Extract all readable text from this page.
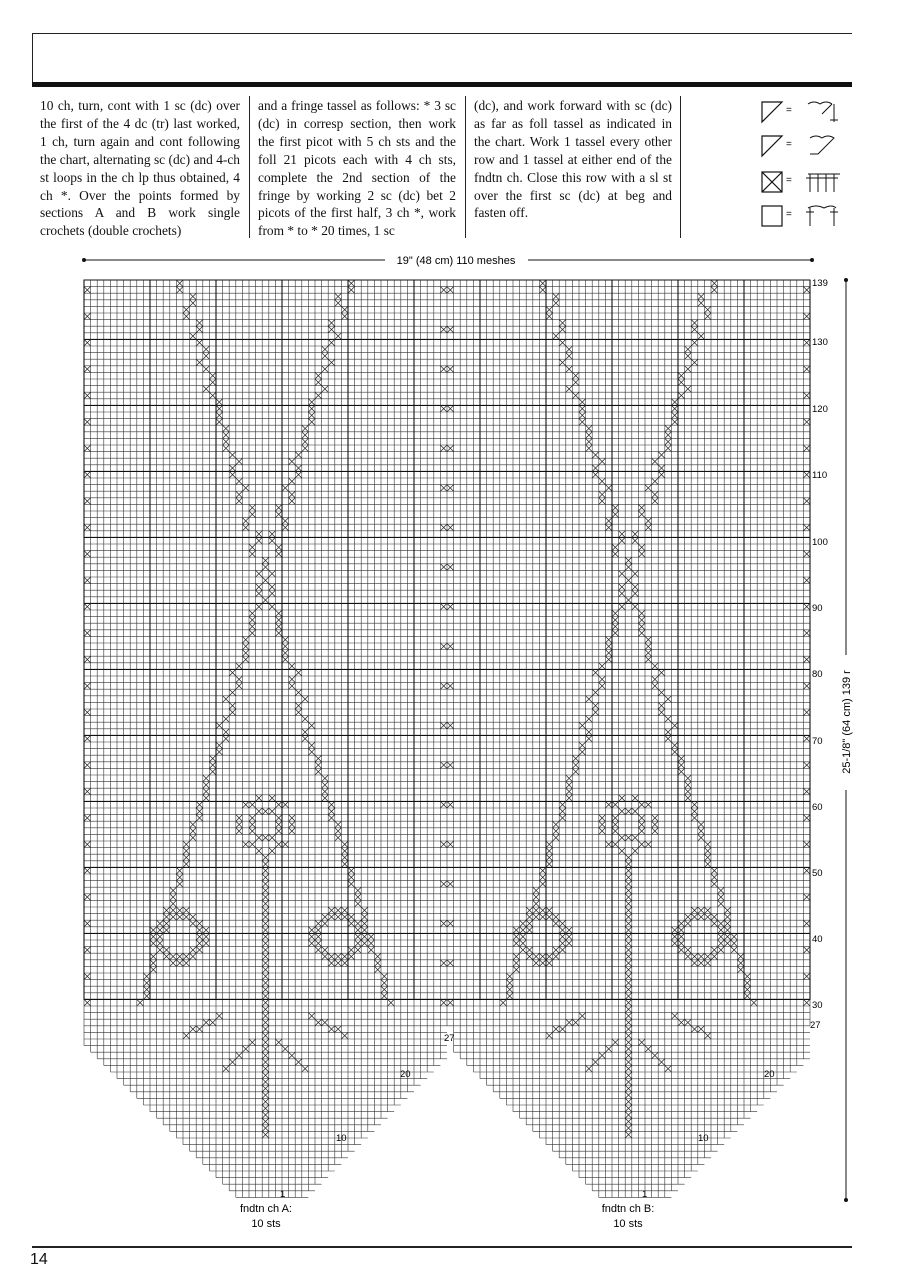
10 ch, turn, cont with 1 sc (dc) over the first of the 4 dc (tr) last worked, 1 ch, turn again and cont following the chart, alternating sc (dc) and 4-ch st loops in the ch lp thus obtained, 4 ch *. Over the points formed by sections A and B work single crochets (double crochets)
and a fringe tassel as follows: * 3 sc (dc) in corresp section, then work the first picot with 5 ch sts and the foll 21 picots each with 4 ch sts, complete the 2nd section of the fringe by working 2 sc (dc) bet 2 picots of the first half, 3 ch *, work from * to * 20 times, 1 sc
(dc), and work forward with sc (dc) as far as foll tassel as indicated in the chart. Work 1 tassel every other row and 1 tassel at either end of the fndtn ch. Close this row with a sl st over the first sc (dc) at beg and fasten off.
=
=
=
=
19" (48 cm) 110 meshes
25-1/8" (64 cm) 139 r
139
130
120
110
100
90
80
70
60
50
40
30
27
27
20	20
10	10
1	1
fndtn ch A:
10 sts
fndtn ch B:
10 sts
14
